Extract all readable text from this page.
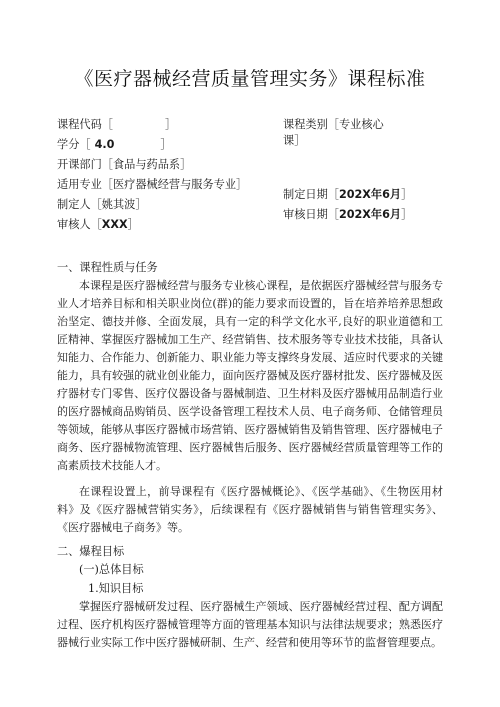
《医疗器械经营质量管理实务》课程标准
课程代码［	］
学分［ 4.0	］
开课部门［食品与药品系］
适用专业［医疗器械经营与服务专业］
制定人［姚其波］
审核人［XXX］
课程类别［专业核心
课］
制定日期［202X年6月］
审核日期［202X年6月］
一、课程性质与任务
本课程是医疗器械经营与服务专业核心课程，是依据医疗器械经营与服务专业人才培养目标和相关职业岗位(群)的能力要求而设置的，旨在培养培养思想政治坚定、德技并修、全面发展，具有一定的科学文化水平,良好的职业道德和工匠精神、掌握医疗器械加工生产、经营销售、技术服务等专业技术技能，具备认知能力、合作能力、创新能力、职业能力等支撑终身发展、适应时代要求的关键能力，具有较强的就业创业能力，面向医疗器械及医疗器材批发、医疗器械及医疗器材专门零售、医疗仪器设备与器械制造、卫生材料及医疗器械用品制造行业的医疗器械商品购销员、医学设备管理工程技术人员、电子商务师、仓储管理员等领域，能够从事医疗器械市场营销、医疗器械销售及销售管理、医疗器械电子商务、医疗器械物流管理、医疗器械售后服务、医疗器械经营质量管理等工作的高素质技术技能人才。
在课程设置上，前导课程有《医疗器械概论》、《医学基础》、《生物医用材料》及《医疗器械营销实务》，后续课程有《医疗器械销售与销售管理实务》、《医疗器械电子商务》等。
二、爆程目标
(一)总体目标
1.知识目标
掌握医疗器械研发过程、医疗器械生产领域、医疗器械经营过程、配方调配过程、医疗机构医疗器械管理等方面的管理基本知识与法律法规要求；熟悉医疗器械行业实际工作中医疗器械研制、生产、经营和使用等环节的监督管理要点。
